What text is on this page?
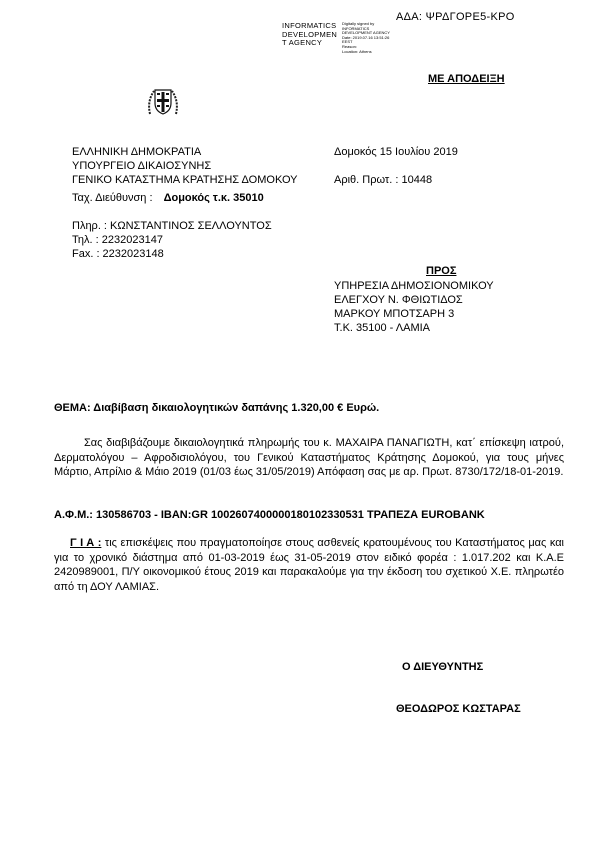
ΑΔΑ: ΨΡΔΓΟΡΕ5-ΚΡΟ
INFORMATICS
DEVELOPMEN
T AGENCY
Digitally signed by
INFORMATICS
DEVELOPMENT AGENCY
Date: 2019.07.16 13:51:26
EEST
Reason:
Location: Athens
ΜΕ ΑΠΟΔΕΙΞΗ
ΕΛΛΗΝΙΚΗ ΔΗΜΟΚΡΑΤΙΑ
ΥΠΟΥΡΓΕΙΟ ΔΙΚΑΙΟΣΥΝΗΣ
ΓΕΝΙΚΟ ΚΑΤΑΣΤΗΜΑ ΚΡΑΤΗΣΗΣ ΔΟΜΟΚΟΥ
Ταχ. Διεύθυνση : Δομοκός τ.κ. 35010
Πληρ. : ΚΩΝΣΤΑΝΤΙΝΟΣ ΣΕΛΛΟΥΝΤΟΣ
Τηλ. : 2232023147
Fax. : 2232023148
Δομοκός 15 Ιουλίου 2019
Αριθ. Πρωτ. : 10448
ΠΡΟΣ
ΥΠΗΡΕΣΙΑ ΔΗΜΟΣΙΟΝΟΜΙΚΟΥ
ΕΛΕΓΧΟΥ Ν. ΦΘΙΩΤΙΔΟΣ
ΜΑΡΚΟΥ ΜΠΟΤΣΑΡΗ 3
Τ.Κ. 35100 - ΛΑΜΙΑ
ΘΕΜΑ: Διαβίβαση δικαιολογητικών δαπάνης 1.320,00 € Ευρώ.
Σας διαβιβάζουμε δικαιολογητικά πληρωμής του κ. ΜΑΧΑΙΡΑ ΠΑΝΑΓΙΩΤΗ, κατ΄ επίσκεψη ιατρού, Δερματολόγου – Αφροδισιολόγου, του Γενικού Καταστήματος Κράτησης Δομοκού, για τους μήνες Μάρτιο, Απρίλιο & Μάιο 2019 (01/03 έως 31/05/2019) Απόφαση σας με αρ. Πρωτ. 8730/172/18-01-2019.
Α.Φ.Μ.: 130586703 - IBAN:GR 1002607400000180102330531 ΤΡΑΠΕΖΑ EUROBANK
Γ Ι Α : τις επισκέψεις που πραγματοποίησε στους ασθενείς κρατουμένους του Καταστήματος μας και για το χρονικό διάστημα από 01-03-2019 έως 31-05-2019 στον ειδικό φορέα : 1.017.202 και Κ.Α.Ε 2420989001, Π/Υ οικονομικού έτους 2019 και παρακαλούμε για την έκδοση του σχετικού Χ.Ε. πληρωτέο από τη ΔΟΥ ΛΑΜΙΑΣ.
Ο ΔΙΕΥΘΥΝΤΗΣ
ΘΕΟΔΩΡΟΣ ΚΩΣΤΑΡΑΣ
